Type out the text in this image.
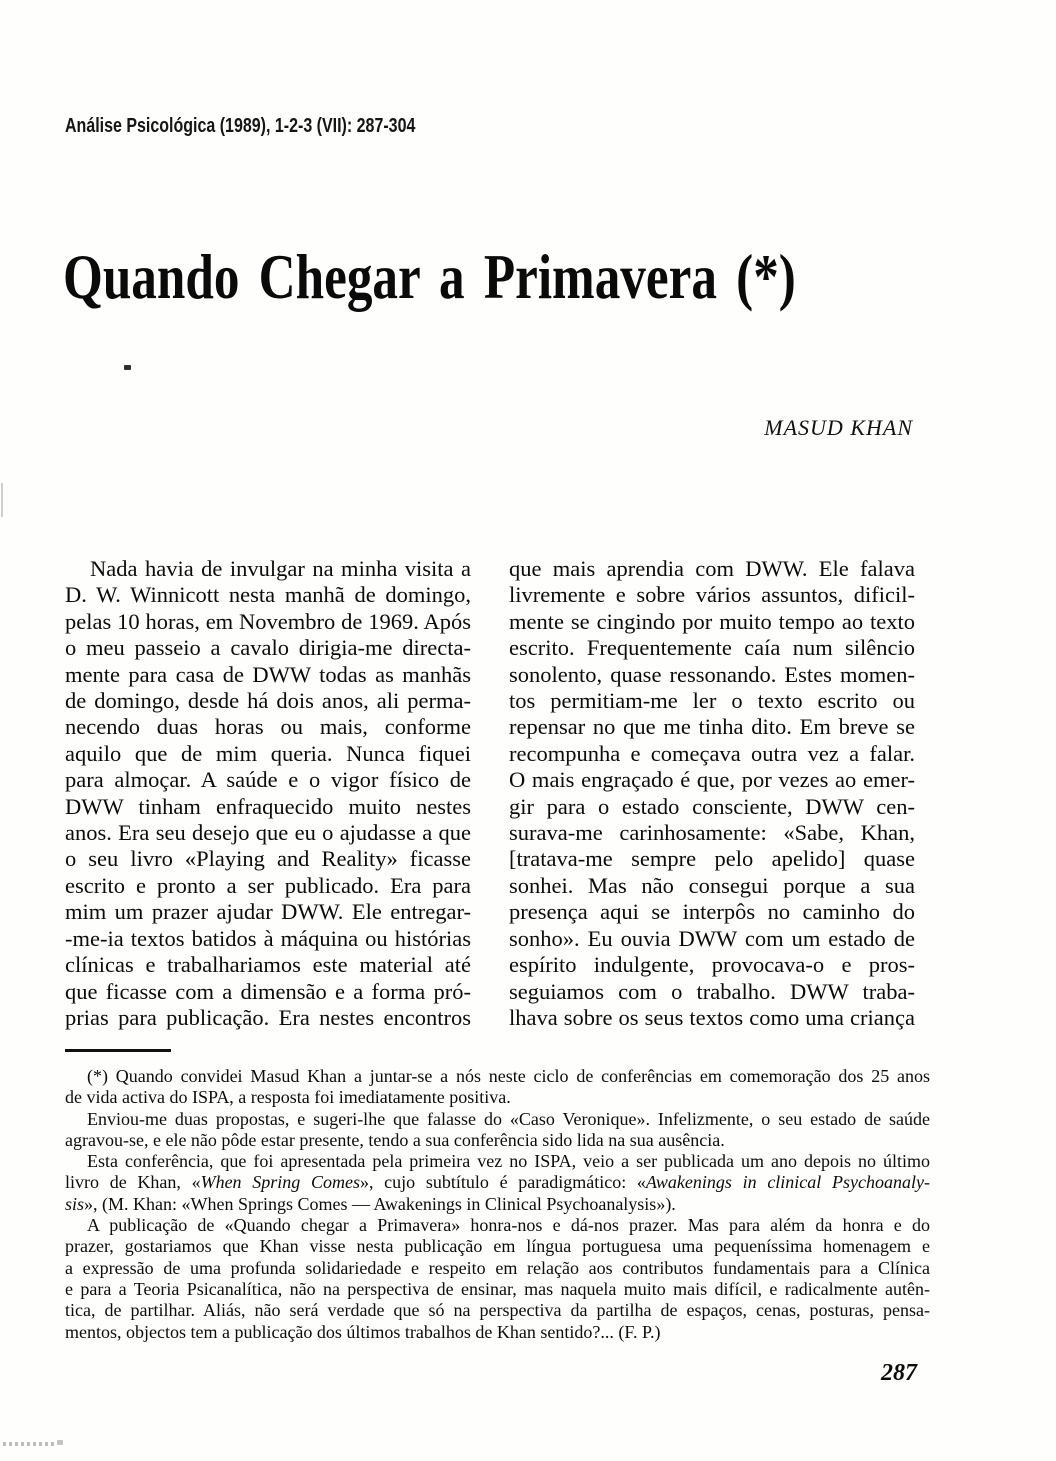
Análise Psicológica (1989), 1-2-3 (VII): 287-304
Quando Chegar a Primavera (*)
MASUD KHAN
Nada havia de invulgar na minha visita a
D. W. Winnicott nesta manhã de domingo,
pelas 10 horas, em Novembro de 1969. Após
o meu passeio a cavalo dirigia-me directa-
mente para casa de DWW todas as manhãs
de domingo, desde há dois anos, ali perma-
necendo duas horas ou mais, conforme
aquilo que de mim queria. Nunca fiquei
para almoçar. A saúde e o vigor físico de
DWW tinham enfraquecido muito nestes
anos. Era seu desejo que eu o ajudasse a que
o seu livro «Playing and Reality» ficasse
escrito e pronto a ser publicado. Era para
mim um prazer ajudar DWW. Ele entregar-
-me-ia textos batidos à máquina ou histórias
clínicas e trabalhariamos este material até
que ficasse com a dimensão e a forma pró-
prias para publicação. Era nestes encontros
que mais aprendia com DWW. Ele falava
livremente e sobre vários assuntos, dificil-
mente se cingindo por muito tempo ao texto
escrito. Frequentemente caía num silêncio
sonolento, quase ressonando. Estes momen-
tos permitiam-me ler o texto escrito ou
repensar no que me tinha dito. Em breve se
recompunha e começava outra vez a falar.
O mais engraçado é que, por vezes ao emer-
gir para o estado consciente, DWW cen-
surava-me carinhosamente: «Sabe, Khan,
[tratava-me sempre pelo apelido] quase
sonhei. Mas não consegui porque a sua
presença aqui se interpôs no caminho do
sonho». Eu ouvia DWW com um estado de
espírito indulgente, provocava-o e pros-
seguiamos com o trabalho. DWW traba-
lhava sobre os seus textos como uma criança
(*) Quando convidei Masud Khan a juntar-se a nós neste ciclo de conferências em comemoração dos 25 anos
de vida activa do ISPA, a resposta foi imediatamente positiva.
Enviou-me duas propostas, e sugeri-lhe que falasse do «Caso Veronique». Infelizmente, o seu estado de saúde
agravou-se, e ele não pôde estar presente, tendo a sua conferência sido lida na sua ausência.
Esta conferência, que foi apresentada pela primeira vez no ISPA, veio a ser publicada um ano depois no último
livro de Khan, «When Spring Comes», cujo subtítulo é paradigmático: «Awakenings in clinical Psychoanaly-
sis», (M. Khan: «When Springs Comes — Awakenings in Clinical Psychoanalysis»).
A publicação de «Quando chegar a Primavera» honra-nos e dá-nos prazer. Mas para além da honra e do
prazer, gostariamos que Khan visse nesta publicação em língua portuguesa uma pequeníssima homenagem e
a expressão de uma profunda solidariedade e respeito em relação aos contributos fundamentais para a Clínica
e para a Teoria Psicanalítica, não na perspectiva de ensinar, mas naquela muito mais difícil, e radicalmente autên-
tica, de partilhar. Aliás, não será verdade que só na perspectiva da partilha de espaços, cenas, posturas, pensa-
mentos, objectos tem a publicação dos últimos trabalhos de Khan sentido?... (F. P.)
287
